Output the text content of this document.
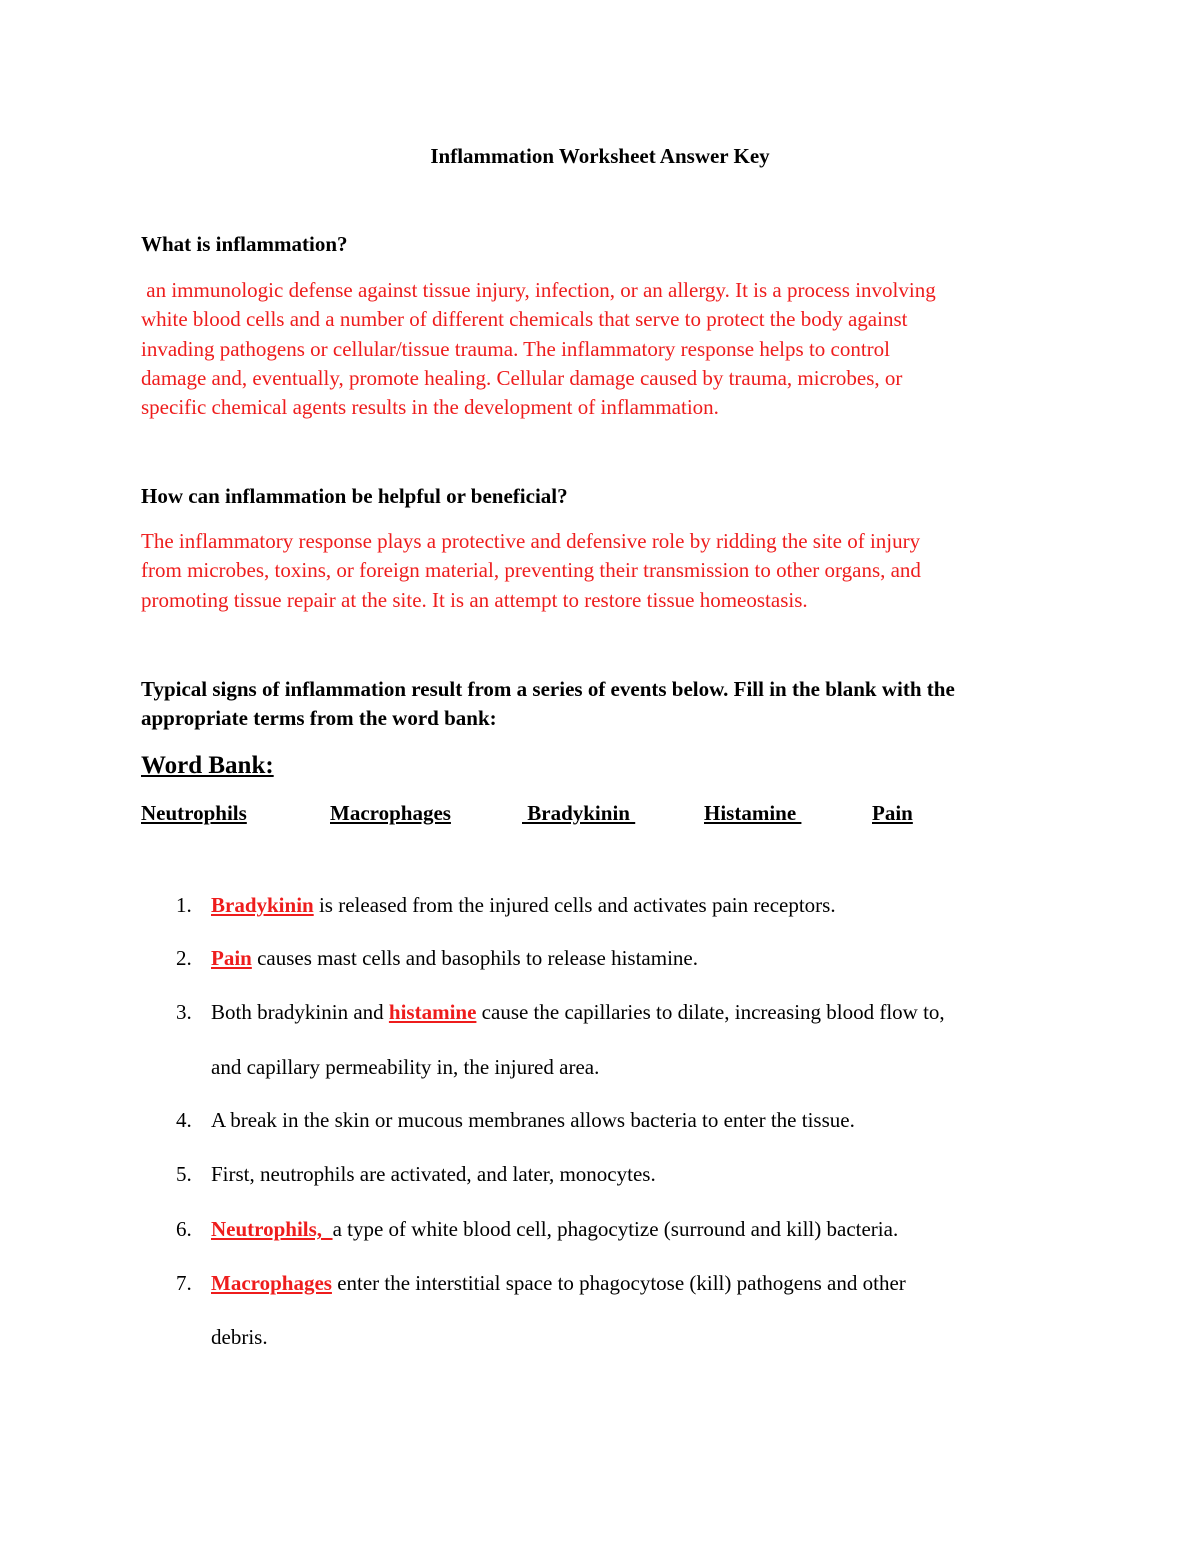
Inflammation Worksheet Answer Key
What is inflammation?
an immunologic defense against tissue injury, infection, or an allergy. It is a process involving
white blood cells and a number of different chemicals that serve to protect the body against
invading pathogens or cellular/tissue trauma. The inflammatory response helps to control
damage and, eventually, promote healing. Cellular damage caused by trauma, microbes, or
specific chemical agents results in the development of inflammation.
How can inflammation be helpful or beneficial?
The inflammatory response plays a protective and defensive role by ridding the site of injury
from microbes, toxins, or foreign material, preventing their transmission to other organs, and
promoting tissue repair at the site. It is an attempt to restore tissue homeostasis.
Typical signs of inflammation result from a series of events below. Fill in the blank with the
appropriate terms from the word bank:
Word Bank:
Neutrophils	Macrophages	Bradykinin	Histamine	Pain
1. Bradykinin is released from the injured cells and activates pain receptors.
2. Pain causes mast cells and basophils to release histamine.
3. Both bradykinin and histamine cause the capillaries to dilate, increasing blood flow to,
and capillary permeability in, the injured area.
4. A break in the skin or mucous membranes allows bacteria to enter the tissue.
5. First, neutrophils are activated, and later, monocytes.
6. Neutrophils,  a type of white blood cell, phagocytize (surround and kill) bacteria.
7. Macrophages enter the interstitial space to phagocytose (kill) pathogens and other
debris.
